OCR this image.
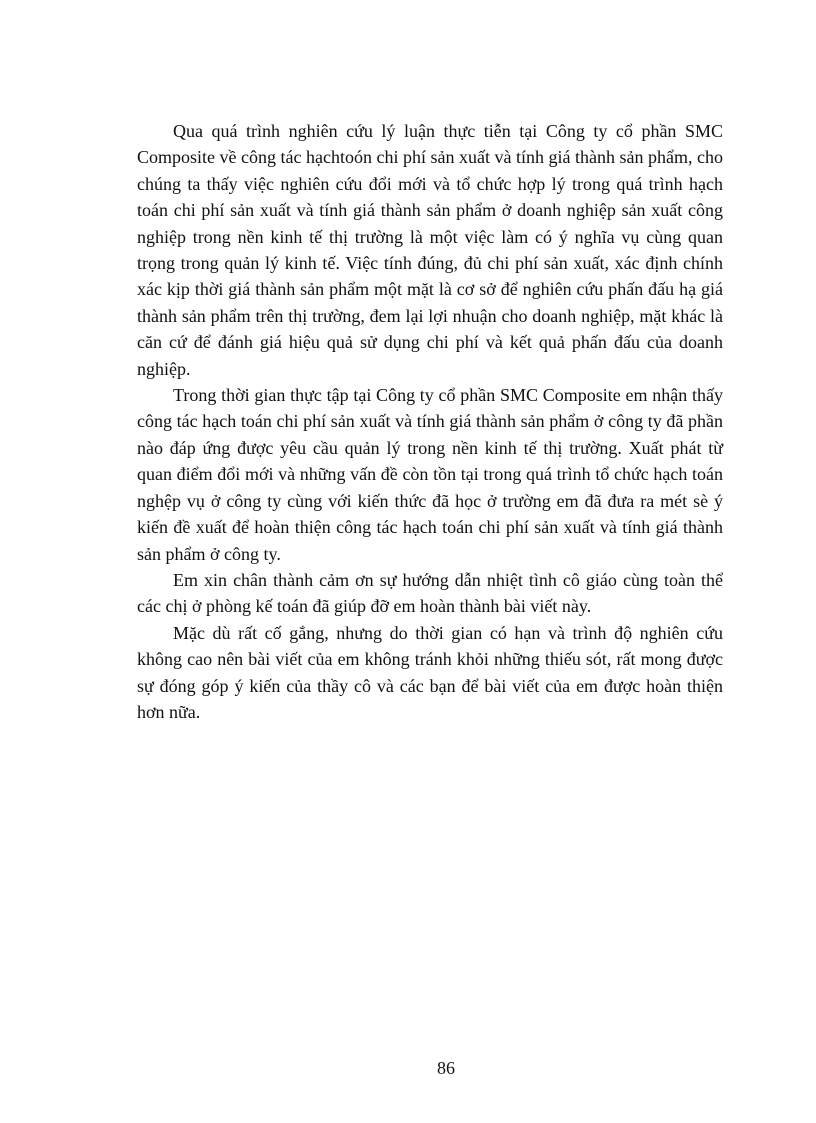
Qua quá trình nghiên cứu lý luận thực tiễn tại Công ty cổ phần SMC Composite về công tác hạchtoón chi phí sản xuất và tính giá thành sản phẩm, cho chúng ta thấy việc nghiên cứu đổi mới và tổ chức hợp lý trong quá trình hạch toán chi phí sản xuất và tính giá thành sản phẩm ở doanh nghiệp sản xuất công nghiệp trong nền kinh tế thị trường là một việc làm có ý nghĩa vụ cùng quan trọng trong quản lý kinh tế. Việc tính đúng, đủ chi phí sản xuất, xác định chính xác kịp thời giá thành sản phẩm một mặt là cơ sở để nghiên cứu phấn đấu hạ giá thành sản phẩm trên thị trường, đem lại lợi nhuận cho doanh nghiệp, mặt khác là căn cứ để đánh giá hiệu quả sử dụng chi phí và kết quả phấn đấu của doanh nghiệp.

Trong thời gian thực tập tại Công ty cổ phần SMC Composite em nhận thấy công tác hạch toán chi phí sản xuất và tính giá thành sản phẩm ở công ty đã phần nào đáp ứng được yêu cầu quản lý trong nền kinh tế thị trường. Xuất phát từ quan điểm đổi mới và những vấn đề còn tồn tại trong quá trình tổ chức hạch toán nghệp vụ ở công ty cùng với kiến thức đã học ở trường em đã đưa ra mét sè ý kiến đề xuất để hoàn thiện công tác hạch toán chi phí sản xuất và tính giá thành sản phẩm ở công ty.

Em xin chân thành cảm ơn sự hướng dẫn nhiệt tình cô giáo cùng toàn thể các chị ở phòng kế toán đã giúp đỡ em hoàn thành bài viết này.

Mặc dù rất cố gắng, nhưng do thời gian có hạn và trình độ nghiên cứu không cao nên bài viết của em không tránh khỏi những thiếu sót, rất mong được sự đóng góp ý kiến của thầy cô và các bạn để bài viết của em được hoàn thiện hơn nữa.

86
